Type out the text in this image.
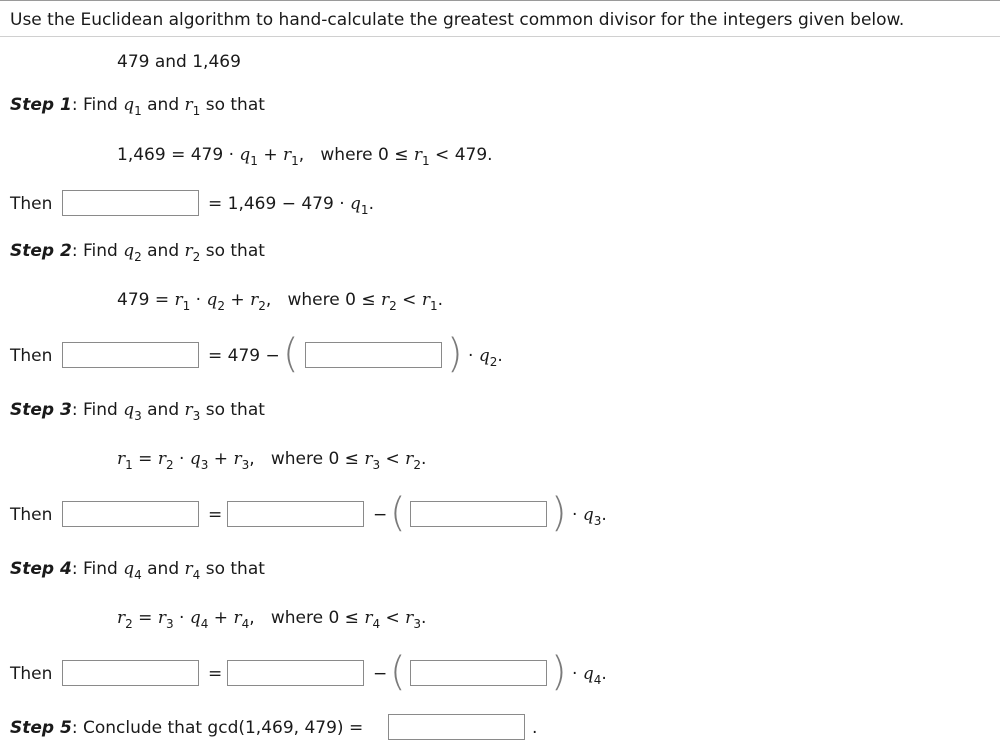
Use the Euclidean algorithm to hand-calculate the greatest common divisor for the integers given below.
479 and 1,469
Step 1: Find $q_1$ and $r_1$ so that
$1,469 = 479 \cdot q_1 + r_1$,   where $0 \le r_1 < 479$.
Then	= $1,469 - 479 \cdot q_1$.
Step 2: Find $q_2$ and $r_2$ so that
$479 = r_1 \cdot q_2 + r_2$,   where $0 \le r_2 < r_1$.
Then	= 479 − (	) · $q_2$.
Step 3: Find $q_3$ and $r_3$ so that
$r_1 = r_2 \cdot q_3 + r_3$,   where $0 \le r_3 < r_2$.
Then	=	− (	) · $q_3$.
Step 4: Find $q_4$ and $r_4$ so that
$r_2 = r_3 \cdot q_4 + r_4$,   where $0 \le r_4 < r_3$.
Then	=	− (	) · $q_4$.
Step 5: Conclude that gcd(1,469, 479) =	.
